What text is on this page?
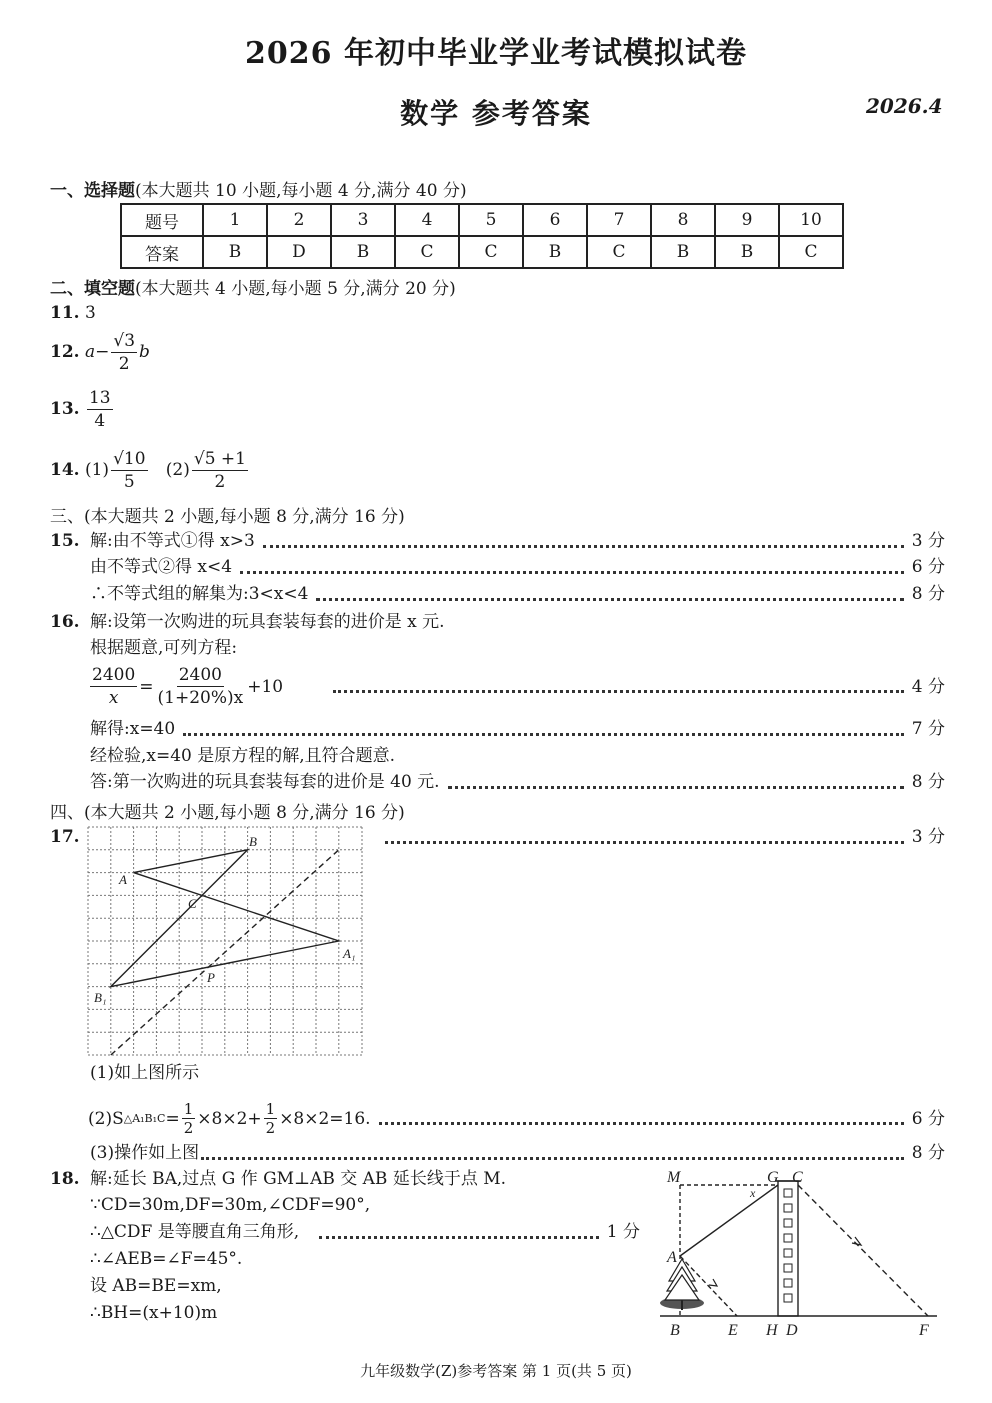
2026 年初中毕业学业考试模拟试卷
数学 参考答案	2026.4
一、选择题(本大题共 10 小题,每小题 4 分,满分 40 分)
题号	1	2	3	4	5	6	7	8	9	10
答案	B	D	B	C	C	B	C	B	B	C
二、填空题(本大题共 4 小题,每小题 5 分,满分 20 分)
11. 3
12. $a- \frac{√3}{2}$ b
13. $\frac{13}{4}$
14. $(1) \frac{√10}{5} (2) \frac{√5 +1}{2}$
三、(本大题共 2 小题,每小题 8 分,满分 16 分)
15. 解:由不等式①得 x>3	3 分
由不等式②得 x<4	6 分
∴不等式组的解集为:3<x<4	8 分
16. 解:设第一次购进的玩具套装每套的进价是 x 元.
根据题意,可列方程:
$\frac{2400}{x} = \frac{2400}{(1+20\%)x} +10$	4 分
解得:x=40	7 分
经检验,x=40 是原方程的解,且符合题意.
答:第一次购进的玩具套装每套的进价是 40 元.	8 分
四、(本大题共 2 小题,每小题 8 分,满分 16 分)
17.	3 分
B
A
C
A₁
P
B₁
(1)如上图所示
(2)S △A₁B₁C = $\frac{1}{2} \times 8\times 2+ \frac{1}{2} \times 8\times 2=16$.	6 分
(3)操作如上图	8 分
18. 解:延长 BA,过点 G 作 GM⊥AB 交 AB 延长线于点 M.
∵CD=30m,DF=30m,∠CDF=90°,
∴△CDF 是等腰直角三角形,	1 分
∴∠AEB=∠F=45°.
设 AB=BE=xm,
∴BH=(x+10)m
M	G C
x
A
B	E H D	F
九年级数学(Z)参考答案 第 1 页(共 5 页)
